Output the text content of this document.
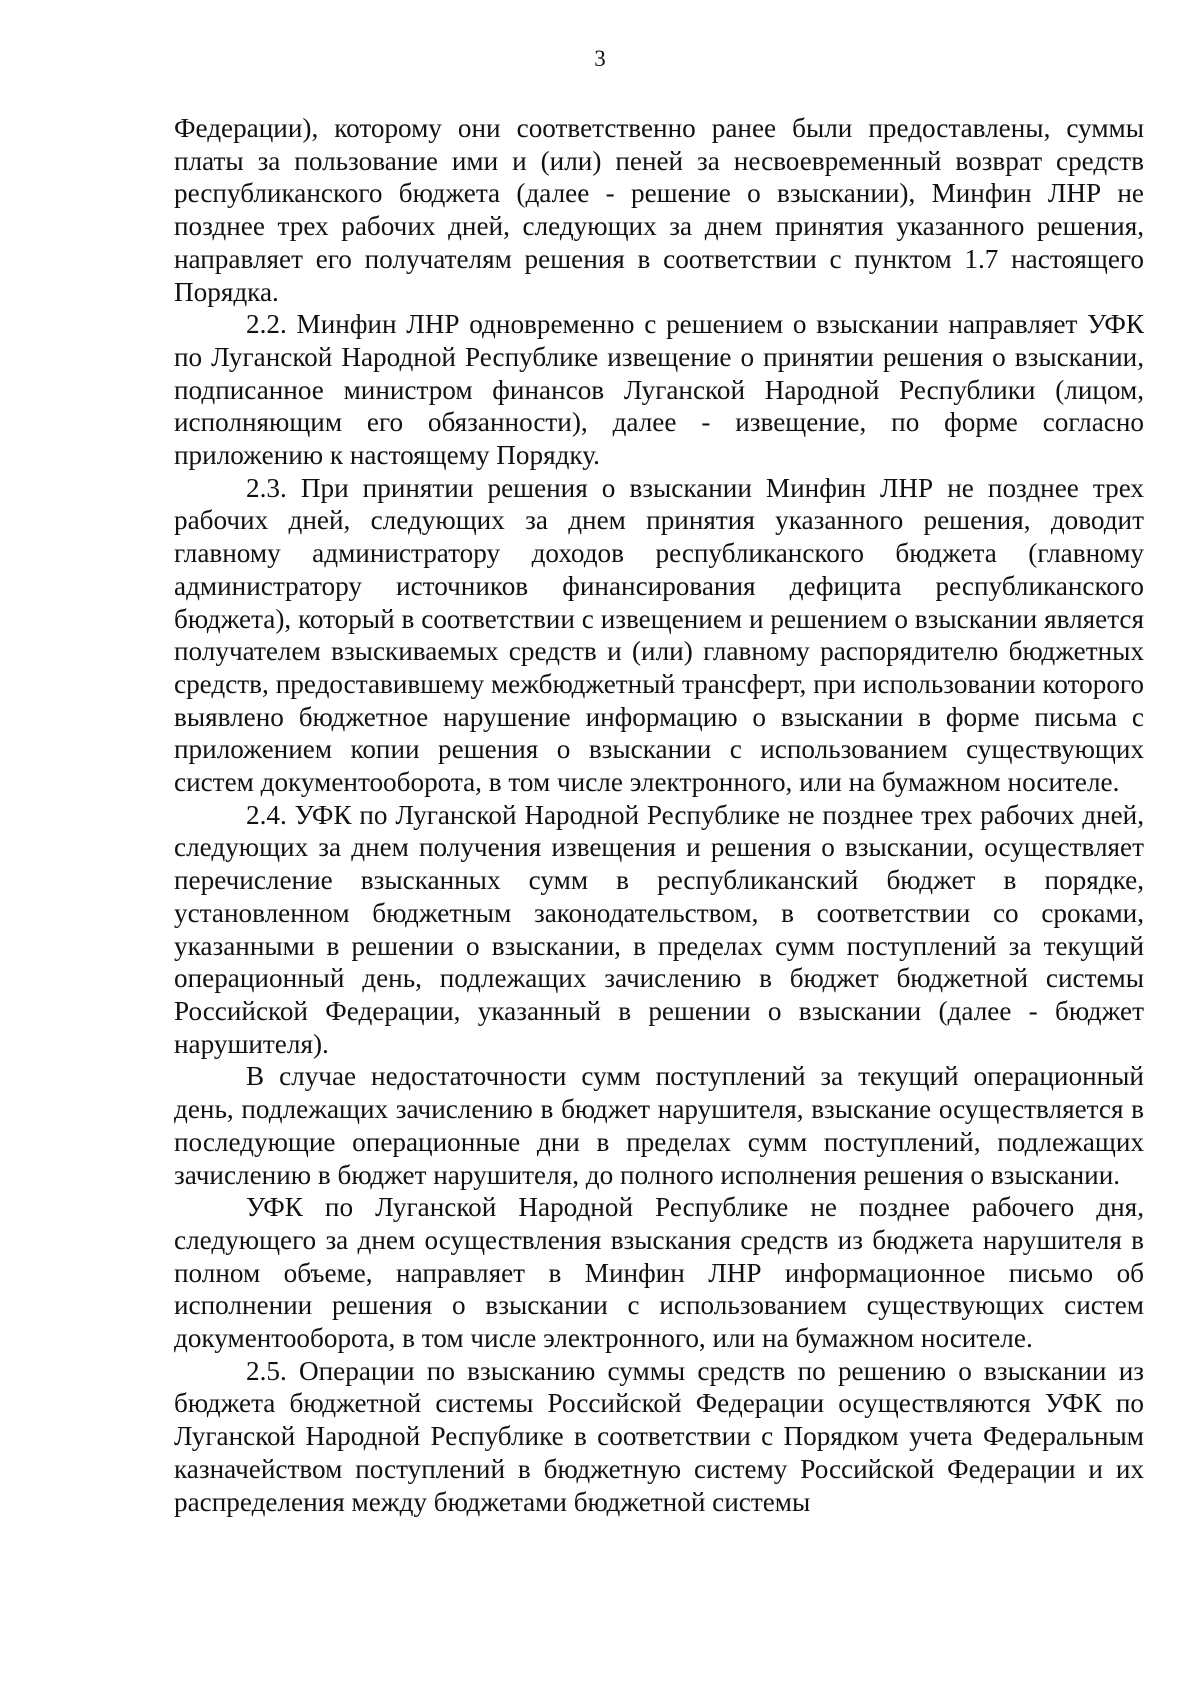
3

Федерации), которому они соответственно ранее были предоставлены, суммы платы за пользование ими и (или) пеней за несвоевременный возврат средств республиканского бюджета (далее - решение о взыскании), Минфин ЛНР не позднее трех рабочих дней, следующих за днем принятия указанного решения, направляет его получателям решения в соответствии с пунктом 1.7 настоящего Порядка.

2.2. Минфин ЛНР одновременно с решением о взыскании направляет УФК по Луганской Народной Республике извещение о принятии решения о взыскании, подписанное министром финансов Луганской Народной Республики (лицом, исполняющим его обязанности), далее - извещение, по форме согласно приложению к настоящему Порядку.

2.3. При принятии решения о взыскании Минфин ЛНР не позднее трех рабочих дней, следующих за днем принятия указанного решения, доводит главному администратору доходов республиканского бюджета (главному администратору источников финансирования дефицита республиканского бюджета), который в соответствии с извещением и решением о взыскании является получателем взыскиваемых средств и (или) главному распорядителю бюджетных средств, предоставившему межбюджетный трансферт, при использовании которого выявлено бюджетное нарушение информацию о взыскании в форме письма с приложением копии решения о взыскании с использованием существующих систем документооборота, в том числе электронного, или на бумажном носителе.

2.4. УФК по Луганской Народной Республике не позднее трех рабочих дней, следующих за днем получения извещения и решения о взыскании, осуществляет перечисление взысканных сумм в республиканский бюджет в порядке, установленном бюджетным законодательством, в соответствии со сроками, указанными в решении о взыскании, в пределах сумм поступлений за текущий операционный день, подлежащих зачислению в бюджет бюджетной системы Российской Федерации, указанный в решении о взыскании (далее - бюджет нарушителя).

В случае недостаточности сумм поступлений за текущий операционный день, подлежащих зачислению в бюджет нарушителя, взыскание осуществляется в последующие операционные дни в пределах сумм поступлений, подлежащих зачислению в бюджет нарушителя, до полного исполнения решения о взыскании.

УФК по Луганской Народной Республике не позднее рабочего дня, следующего за днем осуществления взыскания средств из бюджета нарушителя в полном объеме, направляет в Минфин ЛНР информационное письмо об исполнении решения о взыскании с использованием существующих систем документооборота, в том числе электронного, или на бумажном носителе.

2.5. Операции по взысканию суммы средств по решению о взыскании из бюджета бюджетной системы Российской Федерации осуществляются УФК по Луганской Народной Республике в соответствии с Порядком учета Федеральным казначейством поступлений в бюджетную систему Российской Федерации и их распределения между бюджетами бюджетной системы
